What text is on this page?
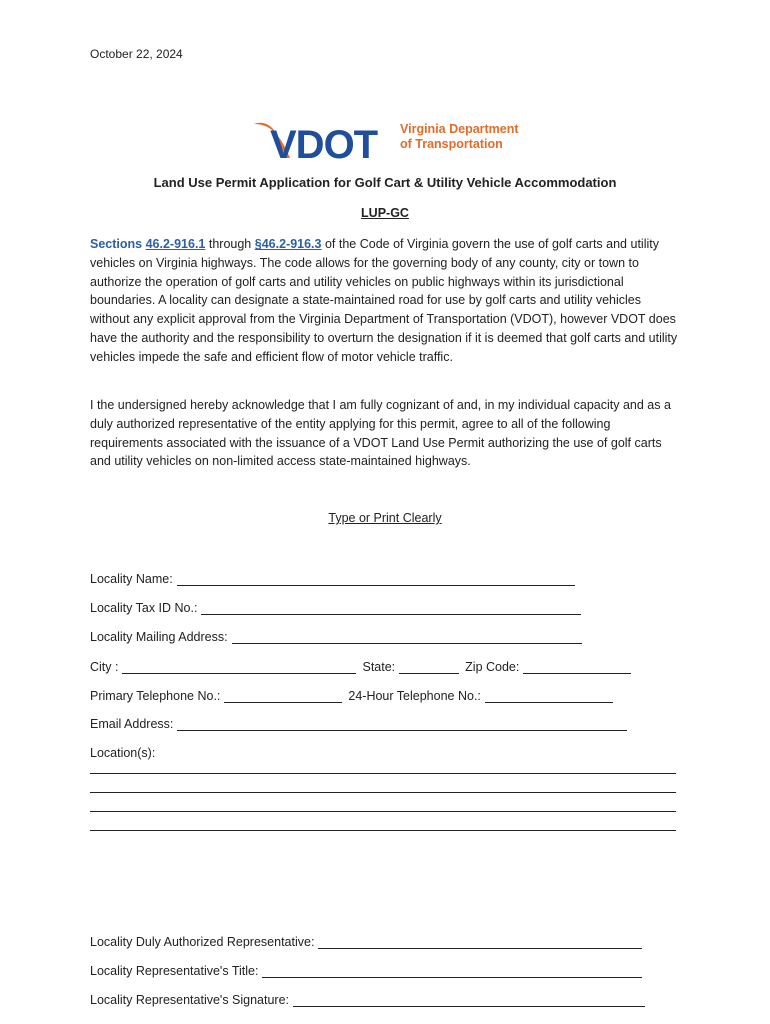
October 22, 2024
VDOT Virginia Department
of Transportation
Land Use Permit Application for Golf Cart & Utility Vehicle Accommodation
LUP-GC
Sections 46.2-916.1 through §46.2-916.3 of the Code of Virginia govern the use of golf carts and utility vehicles on Virginia highways. The code allows for the governing body of any county, city or town to authorize the operation of golf carts and utility vehicles on public highways within its jurisdictional boundaries. A locality can designate a state-maintained road for use by golf carts and utility vehicles without any explicit approval from the Virginia Department of Transportation (VDOT), however VDOT does have the authority and the responsibility to overturn the designation if it is deemed that golf carts and utility vehicles impede the safe and efficient flow of motor vehicle traffic.
I the undersigned hereby acknowledge that I am fully cognizant of and, in my individual capacity and as a duly authorized representative of the entity applying for this permit, agree to all of the following requirements associated with the issuance of a VDOT Land Use Permit authorizing the use of golf carts and utility vehicles on non-limited access state-maintained highways.
Type or Print Clearly
Locality Name:
Locality Tax ID No.:
Locality Mailing Address:
City :	State:	Zip Code:
Primary Telephone No.:	24-Hour Telephone No.:
Email Address:
Location(s):
Locality Duly Authorized Representative:
Locality Representative's Title:
Locality Representative's Signature:
